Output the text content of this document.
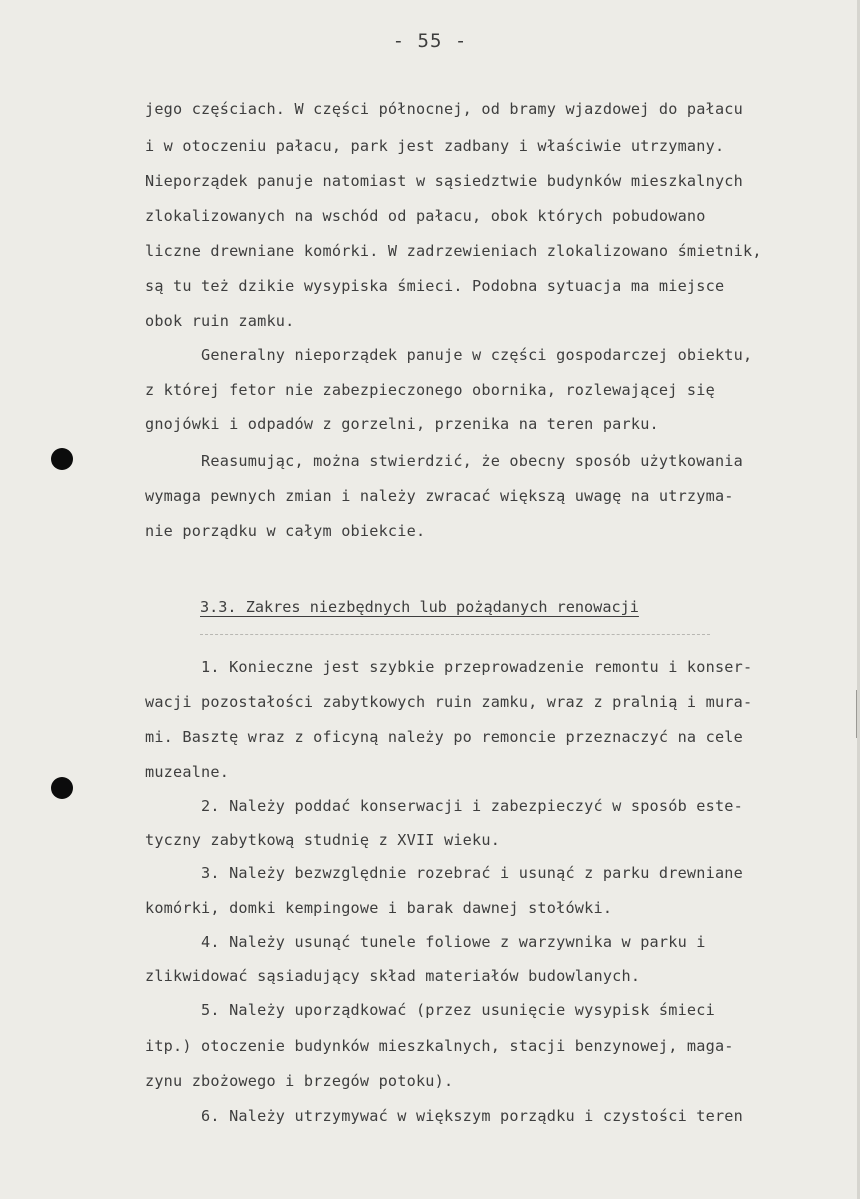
- 55 -
jego częściach. W części północnej, od bramy wjazdowej do pałacu
i w otoczeniu pałacu, park jest zadbany i właściwie utrzymany.
Nieporządek panuje natomiast w sąsiedztwie budynków mieszkalnych
zlokalizowanych na wschód od pałacu, obok których pobudowano
liczne drewniane komórki. W zadrzewieniach zlokalizowano śmietnik,
są tu też dzikie wysypiska śmieci. Podobna sytuacja ma miejsce
obok ruin zamku.
Generalny nieporządek panuje w części gospodarczej obiektu,
z której fetor nie zabezpieczonego obornika, rozlewającej się
gnojówki i odpadów z gorzelni, przenika na teren parku.
Reasumując, można stwierdzić, że obecny sposób użytkowania
wymaga pewnych zmian i należy zwracać większą uwagę na utrzyma-
nie porządku w całym obiekcie.
3.3. Zakres niezbędnych lub pożądanych renowacji
1. Konieczne jest szybkie przeprowadzenie remontu i konser-
wacji pozostałości zabytkowych ruin zamku, wraz z pralnią i mura-
mi. Basztę wraz z oficyną należy po remoncie przeznaczyć na cele
muzealne.
2. Należy poddać konserwacji i zabezpieczyć w sposób este-
tyczny zabytkową studnię z XVII wieku.
3. Należy bezwzględnie rozebrać i usunąć z parku drewniane
komórki, domki kempingowe i barak dawnej stołówki.
4. Należy usunąć tunele foliowe z warzywnika w parku i
zlikwidować sąsiadujący skład materiałów budowlanych.
5. Należy uporządkować (przez usunięcie wysypisk śmieci
itp.) otoczenie budynków mieszkalnych, stacji benzynowej, maga-
zynu zbożowego i brzegów potoku).
6. Należy utrzymywać w większym porządku i czystości teren
